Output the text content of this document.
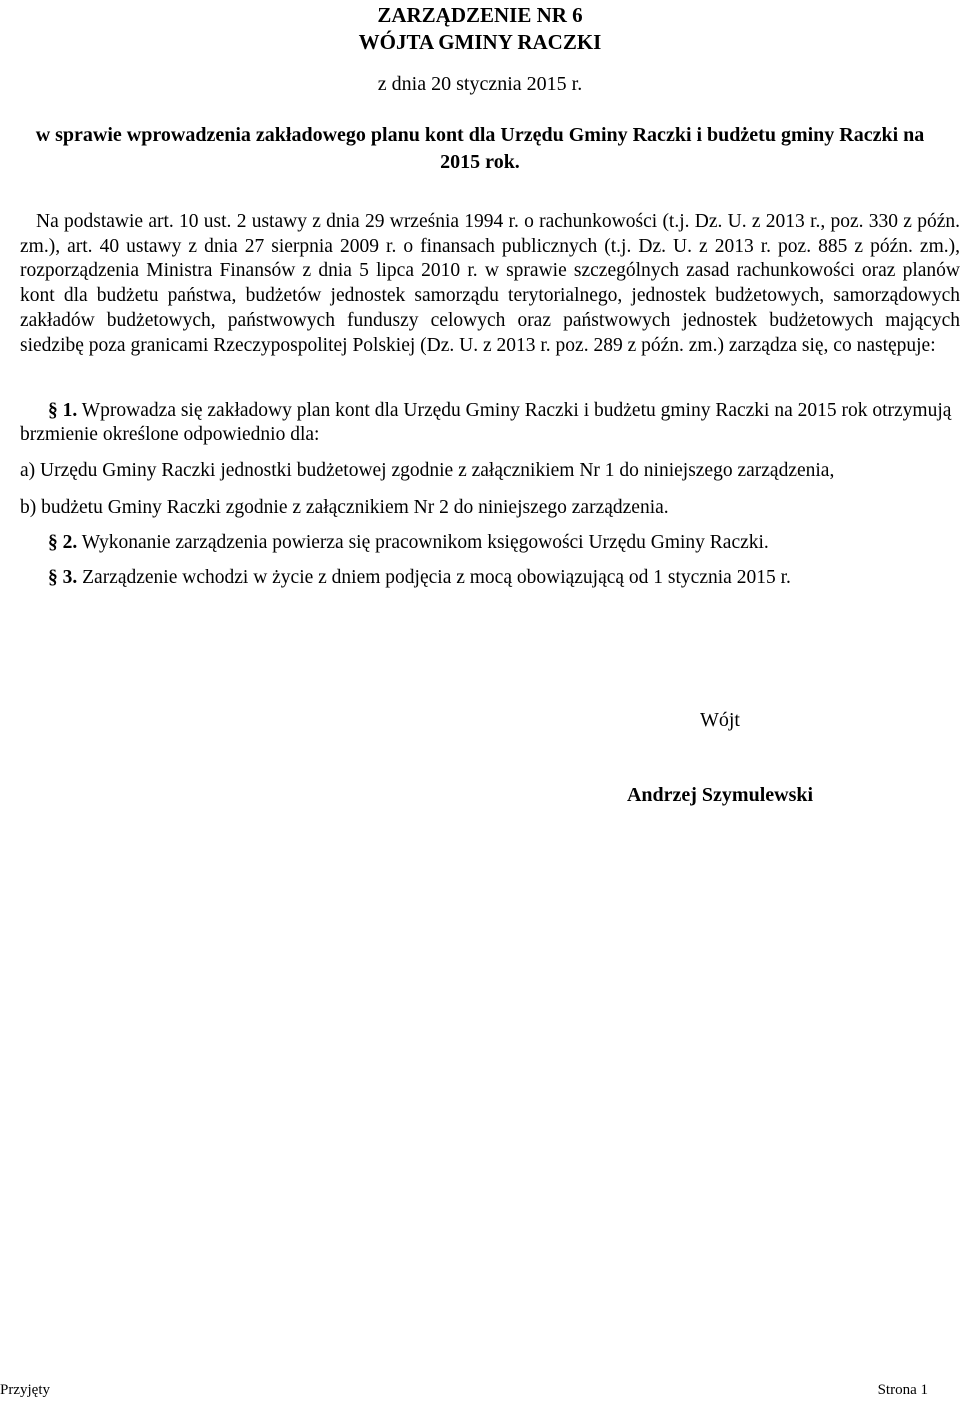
ZARZĄDZENIE NR 6
WÓJTA GMINY RACZKI
z dnia 20 stycznia 2015 r.
w sprawie wprowadzenia zakładowego planu kont dla Urzędu Gminy Raczki i budżetu gminy Raczki na 2015 rok.
Na podstawie art. 10 ust. 2 ustawy z dnia 29 września 1994 r. o rachunkowości (t.j. Dz. U. z 2013 r., poz. 330 z późn. zm.), art. 40 ustawy z dnia 27 sierpnia 2009 r. o finansach publicznych (t.j. Dz. U. z 2013 r. poz. 885 z późn. zm.), rozporządzenia Ministra Finansów z dnia 5 lipca 2010 r. w sprawie szczególnych zasad rachunkowości oraz planów kont dla budżetu państwa, budżetów jednostek samorządu terytorialnego, jednostek budżetowych, samorządowych zakładów budżetowych, państwowych funduszy celowych oraz państwowych jednostek budżetowych mających siedzibę poza granicami Rzeczypospolitej Polskiej (Dz. U. z 2013 r. poz. 289 z późn. zm.) zarządza się, co następuje:
§ 1. Wprowadza się zakładowy plan kont dla Urzędu Gminy Raczki i budżetu gminy Raczki na 2015 rok otrzymują brzmienie określone odpowiednio dla:
a) Urzędu Gminy Raczki jednostki budżetowej zgodnie z załącznikiem Nr 1 do niniejszego zarządzenia,
b) budżetu Gminy Raczki zgodnie z załącznikiem Nr 2 do niniejszego zarządzenia.
§ 2. Wykonanie zarządzenia powierza się pracownikom księgowości Urzędu Gminy Raczki.
§ 3. Zarządzenie wchodzi w życie z dniem podjęcia z mocą obowiązującą od 1 stycznia 2015 r.
Wójt
Andrzej Szymulewski
Przyjęty	Strona 1
